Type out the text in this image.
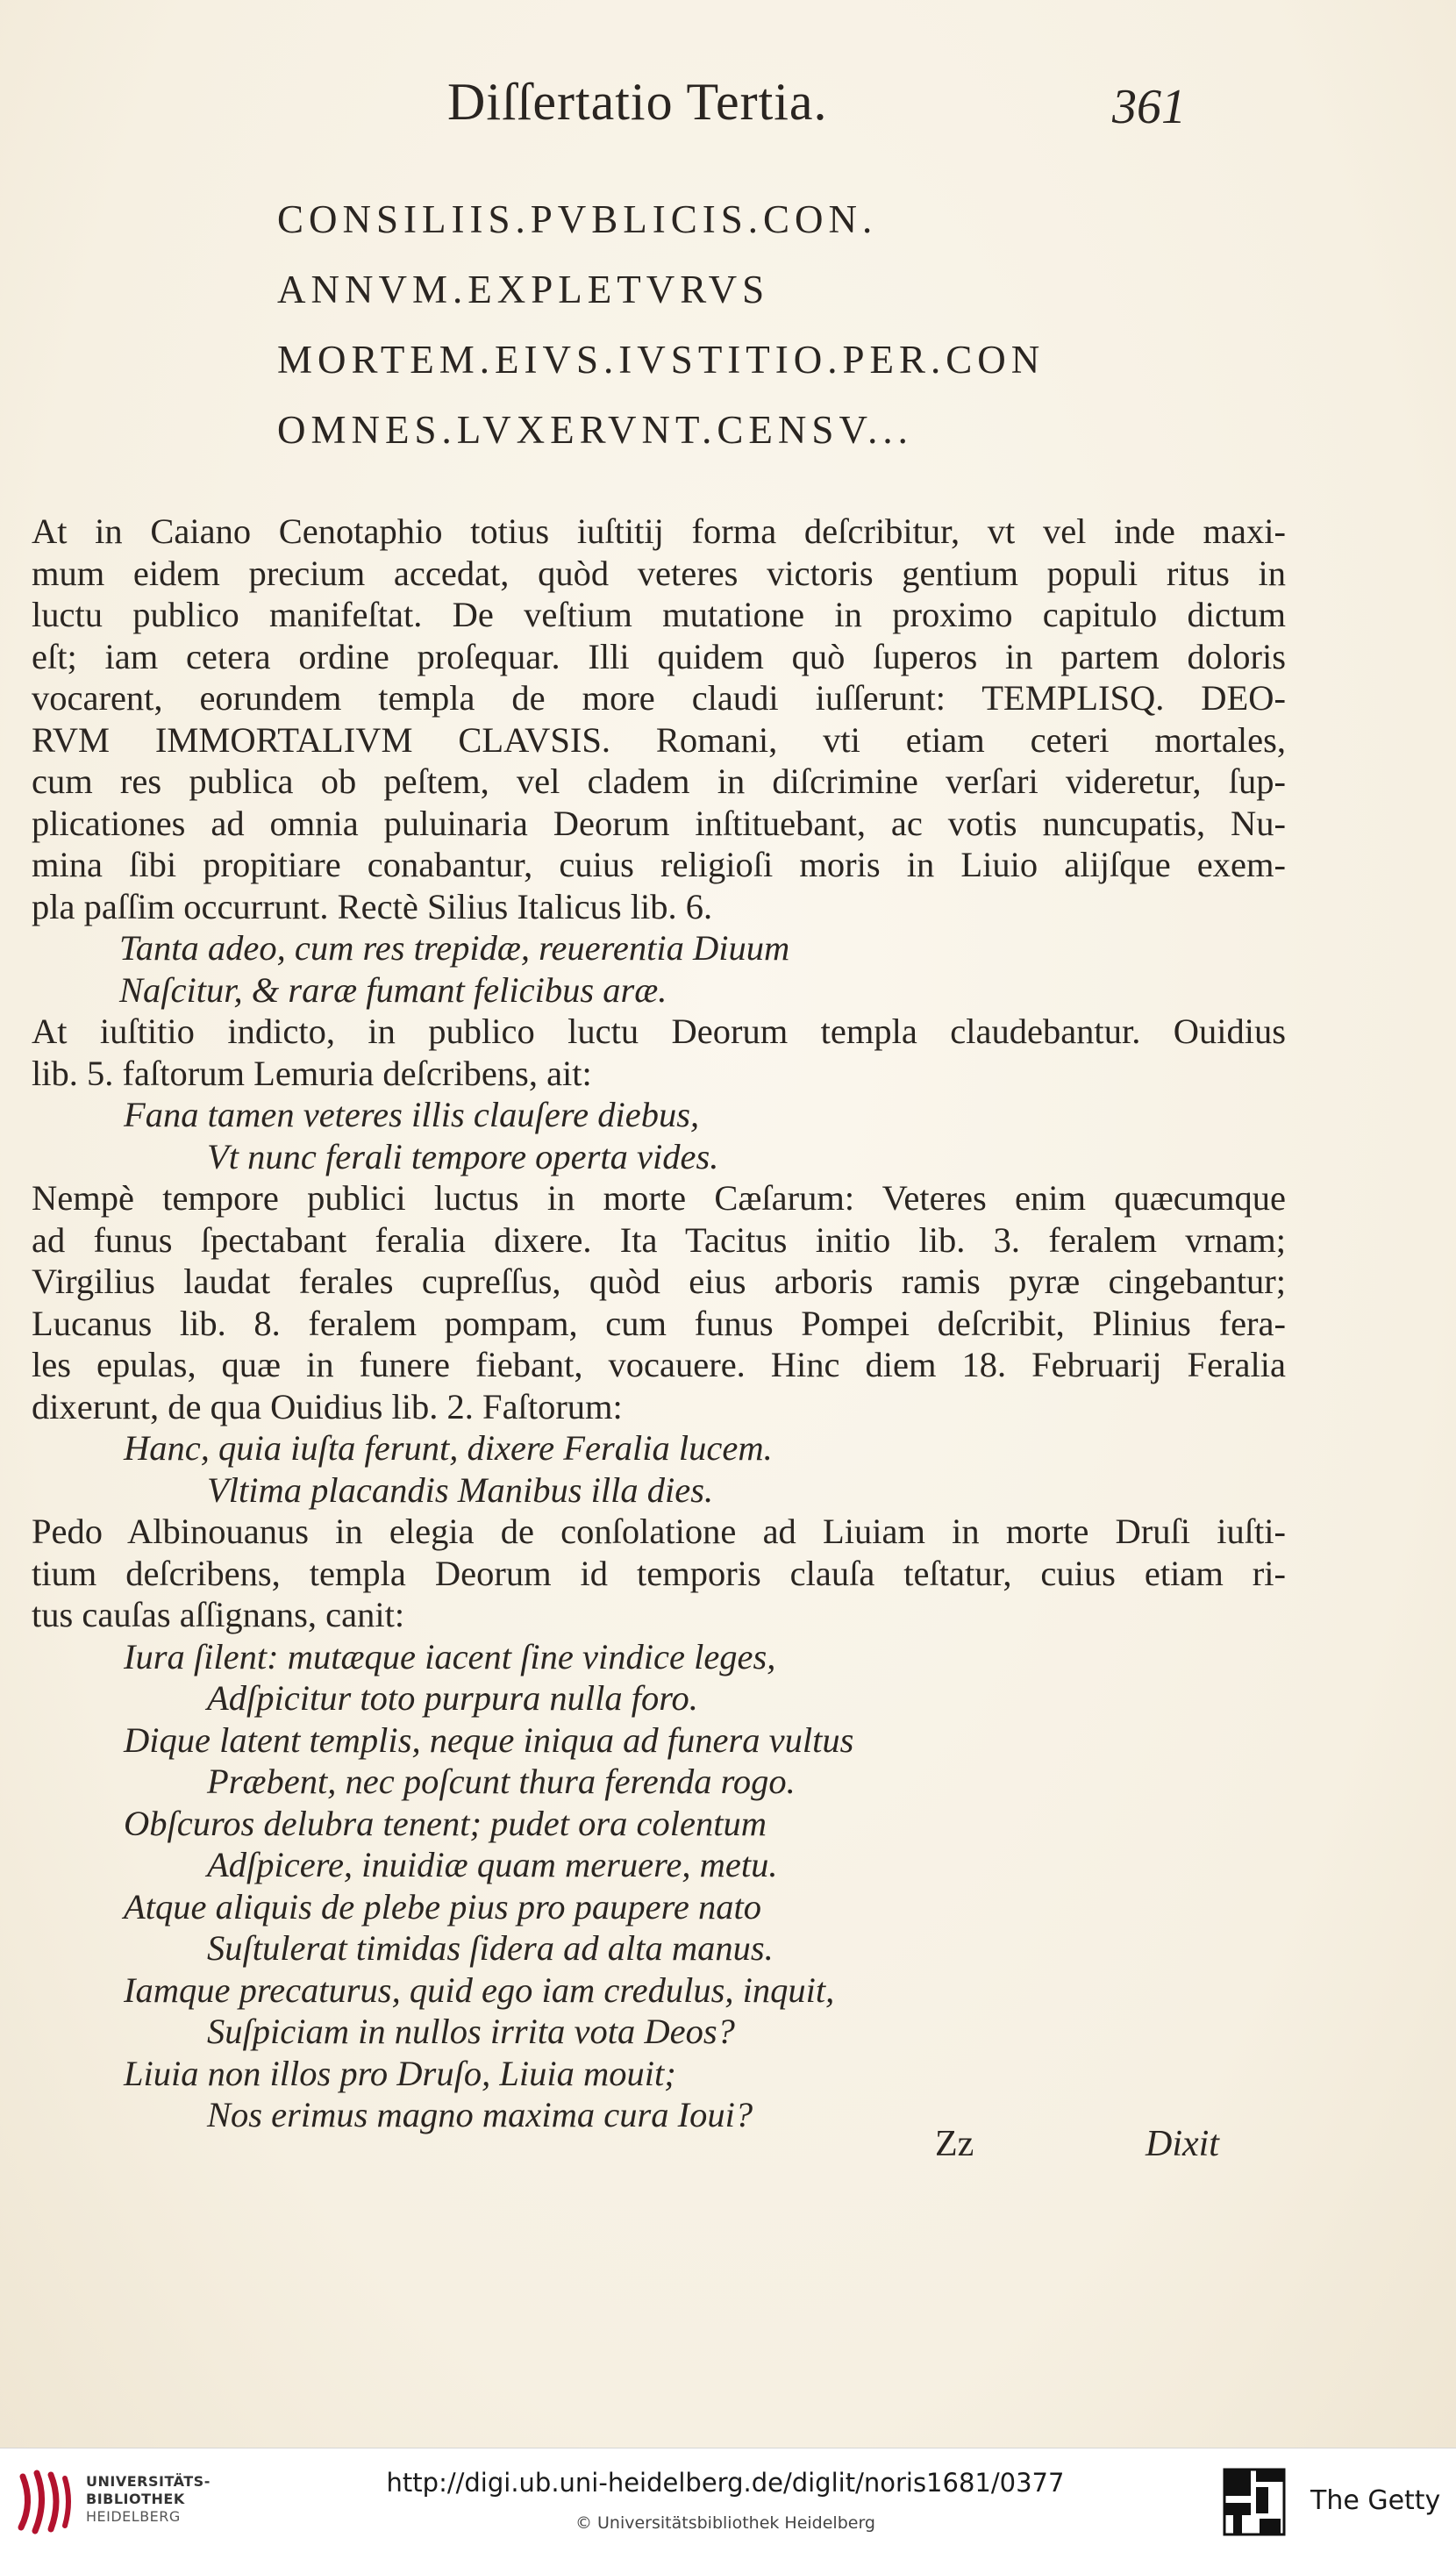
Diſſertatio Tertia.	361
CONSILIIS.PVBLICIS.CON.
ANNVM.EXPLETVRVS
MORTEM.EIVS.IVSTITIO.PER.CON
OMNES.LVXERVNT.CENSV...
At in Caiano Cenotaphio totius iuſtitij forma deſcribitur, vt vel inde maxi-
mum eidem precium accedat, quòd veteres victoris gentium populi ritus in
luctu publico manifeſtat. De veſtium mutatione in proximo capitulo dictum
eſt; iam cetera ordine proſequar. Illi quidem quò ſuperos in partem doloris
vocarent, eorundem templa de more claudi iuſſerunt: TEMPLISQ. DEO-
RVM IMMORTALIVM CLAVSIS. Romani, vti etiam ceteri mortales,
cum res publica ob peſtem, vel cladem in diſcrimine verſari videretur, ſup-
plicationes ad omnia puluinaria Deorum inſtituebant, ac votis nuncupatis, Nu-
mina ſibi propitiare conabantur, cuius religioſi moris in Liuio alijſque exem-
pla paſſim occurrunt. Rectè Silius Italicus lib. 6.
Tanta adeo, cum res trepidæ, reuerentia Diuum
Naſcitur, & raræ fumant felicibus aræ.
At iuſtitio indicto, in publico luctu Deorum templa claudebantur. Ouidius
lib. 5. faſtorum Lemuria deſcribens, ait:
Fana tamen veteres illis clauſere diebus,
Vt nunc ferali tempore operta vides.
Nempè tempore publici luctus in morte Cæſarum: Veteres enim quæcumque
ad funus ſpectabant feralia dixere. Ita Tacitus initio lib. 3. feralem vrnam;
Virgilius laudat ferales cupreſſus, quòd eius arboris ramis pyræ cingebantur;
Lucanus lib. 8. feralem pompam, cum funus Pompei deſcribit, Plinius fera-
les epulas, quæ in funere fiebant, vocauere. Hinc diem 18. Februarij Feralia
dixerunt, de qua Ouidius lib. 2. Faſtorum:
Hanc, quia iuſta ferunt, dixere Feralia lucem.
Vltima placandis Manibus illa dies.
Pedo Albinouanus in elegia de conſolatione ad Liuiam in morte Druſi iuſti-
tium deſcribens, templa Deorum id temporis clauſa teſtatur, cuius etiam ri-
tus cauſas aſſignans, canit:
Iura ſilent: mutæque iacent ſine vindice leges,
Adſpicitur toto purpura nulla foro.
Dique latent templis, neque iniqua ad funera vultus
Præbent, nec poſcunt thura ferenda rogo.
Obſcuros delubra tenent; pudet ora colentum
Adſpicere, inuidiæ quam meruere, metu.
Atque aliquis de plebe pius pro paupere nato
Suſtulerat timidas ſidera ad alta manus.
Iamque precaturus, quid ego iam credulus, inquit,
Suſpiciam in nullos irrita vota Deos?
Liuia non illos pro Druſo, Liuia mouit;
Nos erimus magno maxima cura Ioui?
Zz	Dixit
UNIVERSITÄTS-
BIBLIOTHEK
HEIDELBERG
http://digi.ub.uni-heidelberg.de/diglit/noris1681/0377
© Universitätsbibliothek Heidelberg
The Getty
